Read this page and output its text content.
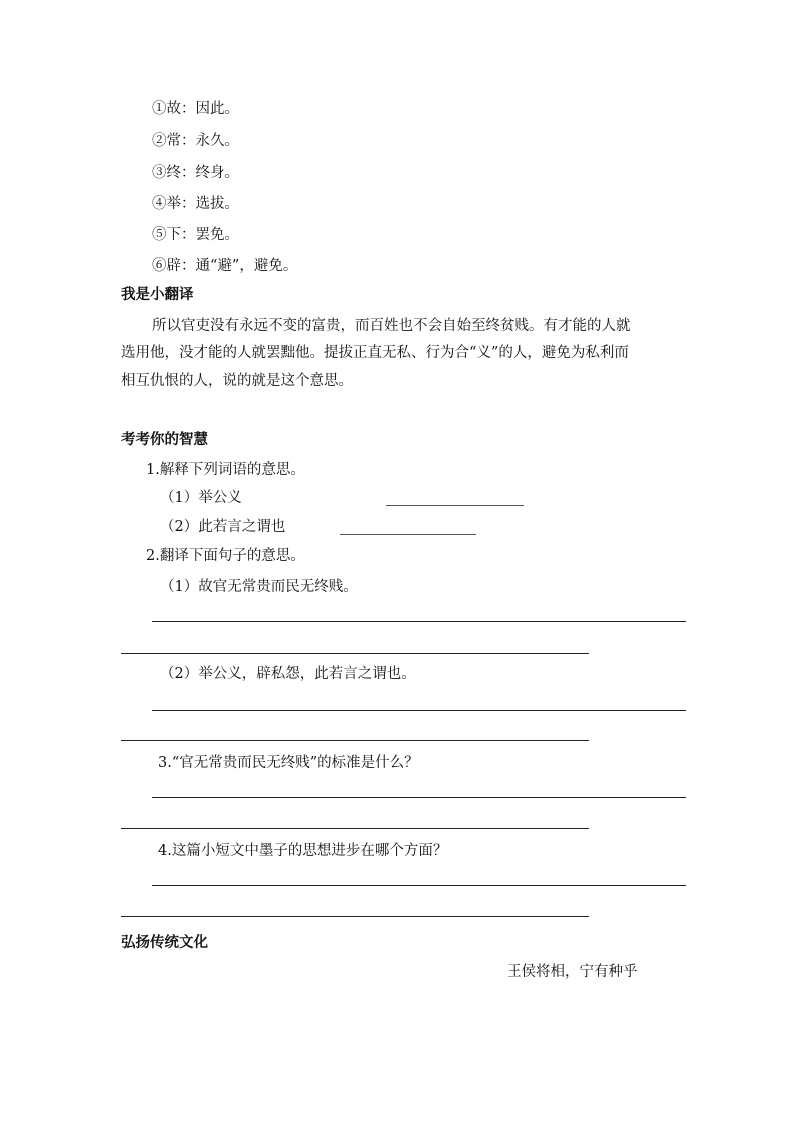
①故：因此。
②常：永久。
③终：终身。
④举：选拔。
⑤下：罢免。
⑥辟：通“避”，避免。
我是小翻译
所以官吏没有永远不变的富贵，而百姓也不会自始至终贫贱。有才能的人就
选用他，没才能的人就罢黜他。提拔正直无私、行为合“义”的人，避免为私利而
相互仇恨的人，说的就是这个意思。
考考你的智慧
1.解释下列词语的意思。
（1）举公义
（2）此若言之谓也
2.翻译下面句子的意思。
（1）故官无常贵而民无终贱。
（2）举公义，辟私怨，此若言之谓也。
3.“官无常贵而民无终贱”的标准是什么？
4.这篇小短文中墨子的思想进步在哪个方面？
弘扬传统文化
王侯将相，宁有种乎
